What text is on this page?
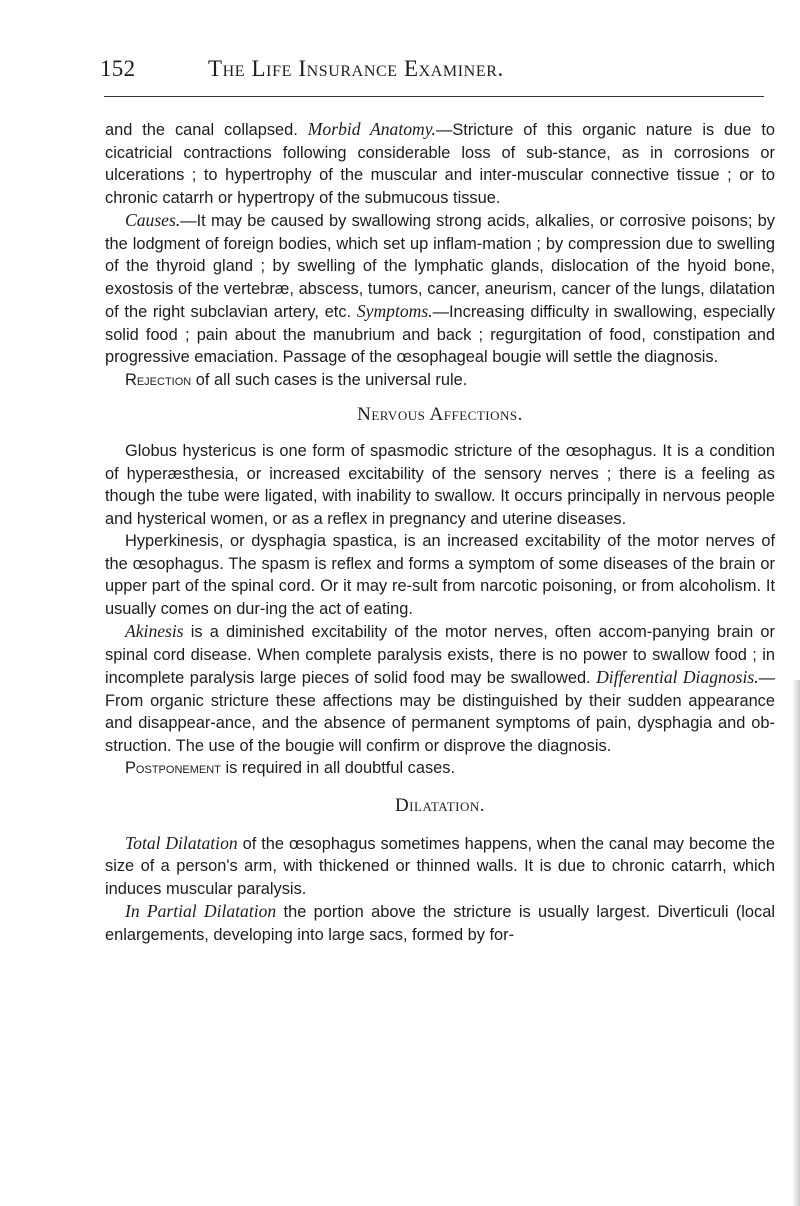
152	The Life Insurance Examiner.

and the canal collapsed. Morbid Anatomy.—Stricture of this organic nature is due to cicatricial contractions following considerable loss of sub-stance, as in corrosions or ulcerations ; to hypertrophy of the muscular and inter-muscular connective tissue ; or to chronic catarrh or hypertropy of the submucous tissue.

Causes.—It may be caused by swallowing strong acids, alkalies, or corrosive poisons; by the lodgment of foreign bodies, which set up inflam-mation ; by compression due to swelling of the thyroid gland ; by swelling of the lymphatic glands, dislocation of the hyoid bone, exostosis of the vertebræ, abscess, tumors, cancer, aneurism, cancer of the lungs, dilatation of the right subclavian artery, etc. Symptoms.—Increasing difficulty in swallowing, especially solid food ; pain about the manubrium and back ; regurgitation of food, constipation and progressive emaciation. Passage of the œsophageal bougie will settle the diagnosis.

Rejection of all such cases is the universal rule.

Nervous Affections.

Globus hystericus is one form of spasmodic stricture of the œsophagus. It is a condition of hyperæsthesia, or increased excitability of the sensory nerves ; there is a feeling as though the tube were ligated, with inability to swallow. It occurs principally in nervous people and hysterical women, or as a reflex in pregnancy and uterine diseases.

Hyperkinesis, or dysphagia spastica, is an increased excitability of the motor nerves of the œsophagus. The spasm is reflex and forms a symptom of some diseases of the brain or upper part of the spinal cord. Or it may re-sult from narcotic poisoning, or from alcoholism. It usually comes on dur-ing the act of eating.

Akinesis is a diminished excitability of the motor nerves, often accom-panying brain or spinal cord disease. When complete paralysis exists, there is no power to swallow food ; in incomplete paralysis large pieces of solid food may be swallowed. Differential Diagnosis.—From organic stricture these affections may be distinguished by their sudden appearance and disappear-ance, and the absence of permanent symptoms of pain, dysphagia and ob-struction. The use of the bougie will confirm or disprove the diagnosis.

Postponement is required in all doubtful cases.

Dilatation.

Total Dilatation of the œsophagus sometimes happens, when the canal may become the size of a person's arm, with thickened or thinned walls. It is due to chronic catarrh, which induces muscular paralysis.

In Partial Dilatation the portion above the stricture is usually largest. Diverticuli (local enlargements, developing into large sacs, formed by for-
